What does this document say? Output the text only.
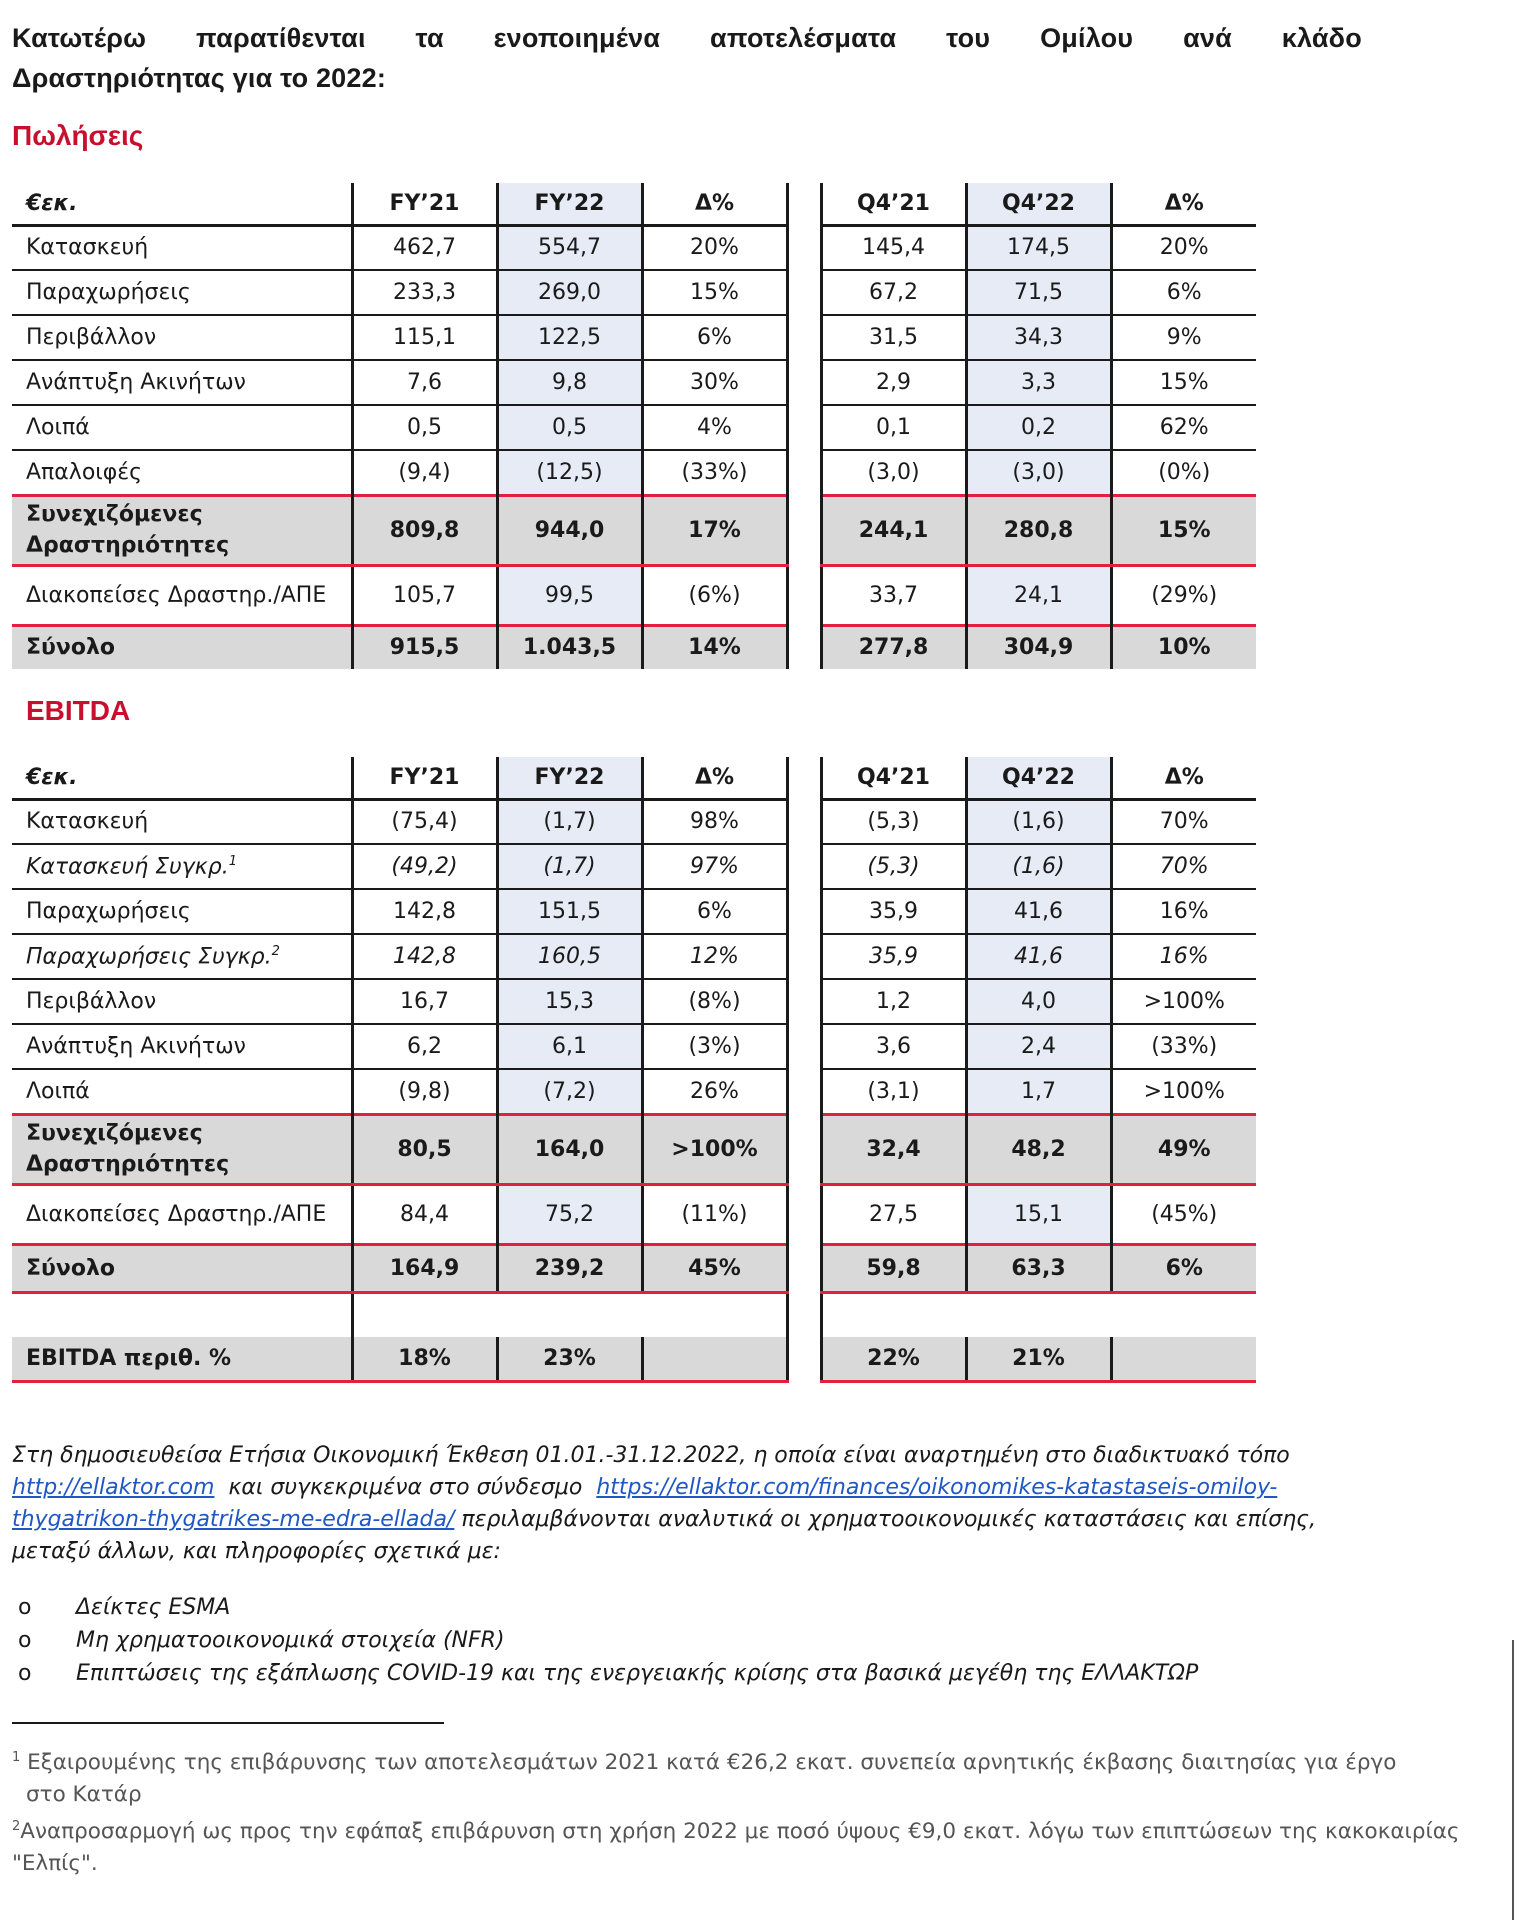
Κατωτέρω παρατίθενται τα ενοποιημένα αποτελέσματα του Ομίλου ανά κλάδο
Δραστηριότητας για το 2022:
Πωλήσεις
€εκ.	FY’21	FY’22	Δ%		Q4’21	Q4’22	Δ%
Κατασκευή	462,7	554,7	20%		145,4	174,5	20%
Παραχωρήσεις	233,3	269,0	15%		67,2	71,5	6%
Περιβάλλον	115,1	122,5	6%		31,5	34,3	9%
Ανάπτυξη Ακινήτων	7,6	9,8	30%		2,9	3,3	15%
Λοιπά	0,5	0,5	4%		0,1	0,2	62%
Απαλοιφές	(9,4)	(12,5)	(33%)		(3,0)	(3,0)	(0%)

Συνεχιζόμενες
Δραστηριότητες	809,8	944,0	17%		244,1	280,8	15%
Διακοπείσες Δραστηρ./ΑΠΕ	105,7	99,5	(6%)		33,7	24,1	(29%)
Σύνολο	915,5	1.043,5	14%		277,8	304,9	10%
EBITDA
€εκ.	FY’21	FY’22	Δ%		Q4’21	Q4’22	Δ%
Κατασκευή	(75,4)	(1,7)	98%		(5,3)	(1,6)	70%
Κατασκευή Συγκρ.$^1$	(49,2)	(1,7)	97%		(5,3)	(1,6)	70%
Παραχωρήσεις	142,8	151,5	6%		35,9	41,6	16%
Παραχωρήσεις Συγκρ.$^2$	142,8	160,5	12%		35,9	41,6	16%
Περιβάλλον	16,7	15,3	(8%)		1,2	4,0	>100%
Ανάπτυξη Ακινήτων	6,2	6,1	(3%)		3,6	2,4	(33%)
Λοιπά	(9,8)	(7,2)	26%		(3,1)	1,7	>100%

Συνεχιζόμενες
Δραστηριότητες	80,5	164,0	>100%		32,4	48,2	49%
Διακοπείσες Δραστηρ./ΑΠΕ	84,4	75,2	(11%)		27,5	15,1	(45%)
Σύνολο	164,9	239,2	45%		59,8	63,3	6%

EBITDA περιθ. %	18%	23%			22%	21%	
Στη δημοσιευθείσα Ετήσια Οικονομική Έκθεση 01.01.-31.12.2022, η οποία είναι αναρτημένη στο διαδικτυακό τόπο http://ellaktor.com και συγκεκριμένα στο σύνδεσμο https://ellaktor.com/finances/oikonomikes-katastaseis-omiloy-thygatrikon-thygatrikes-me-edra-ellada/ περιλαμβάνονται αναλυτικά οι χρηματοοικονομικές καταστάσεις και επίσης, μεταξύ άλλων, και πληροφορίες σχετικά με:
o	Δείκτες ESMA
o	Μη χρηματοοικονομικά στοιχεία (NFR)
o	Επιπτώσεις της εξάπλωσης COVID-19 και της ενεργειακής κρίσης στα βασικά μεγέθη της ΕΛΛΑΚΤΩΡ
$^1$ Εξαιρουμένης της επιβάρυνσης των αποτελεσμάτων 2021 κατά €26,2 εκατ. συνεπεία αρνητικής έκβασης διαιτησίας για έργο
στο Κατάρ
$^2$Αναπροσαρμογή ως προς την εφάπαξ επιβάρυνση στη χρήση 2022 με ποσό ύψους €9,0 εκατ. λόγω των επιπτώσεων της κακοκαιρίας
"Ελπίς".
